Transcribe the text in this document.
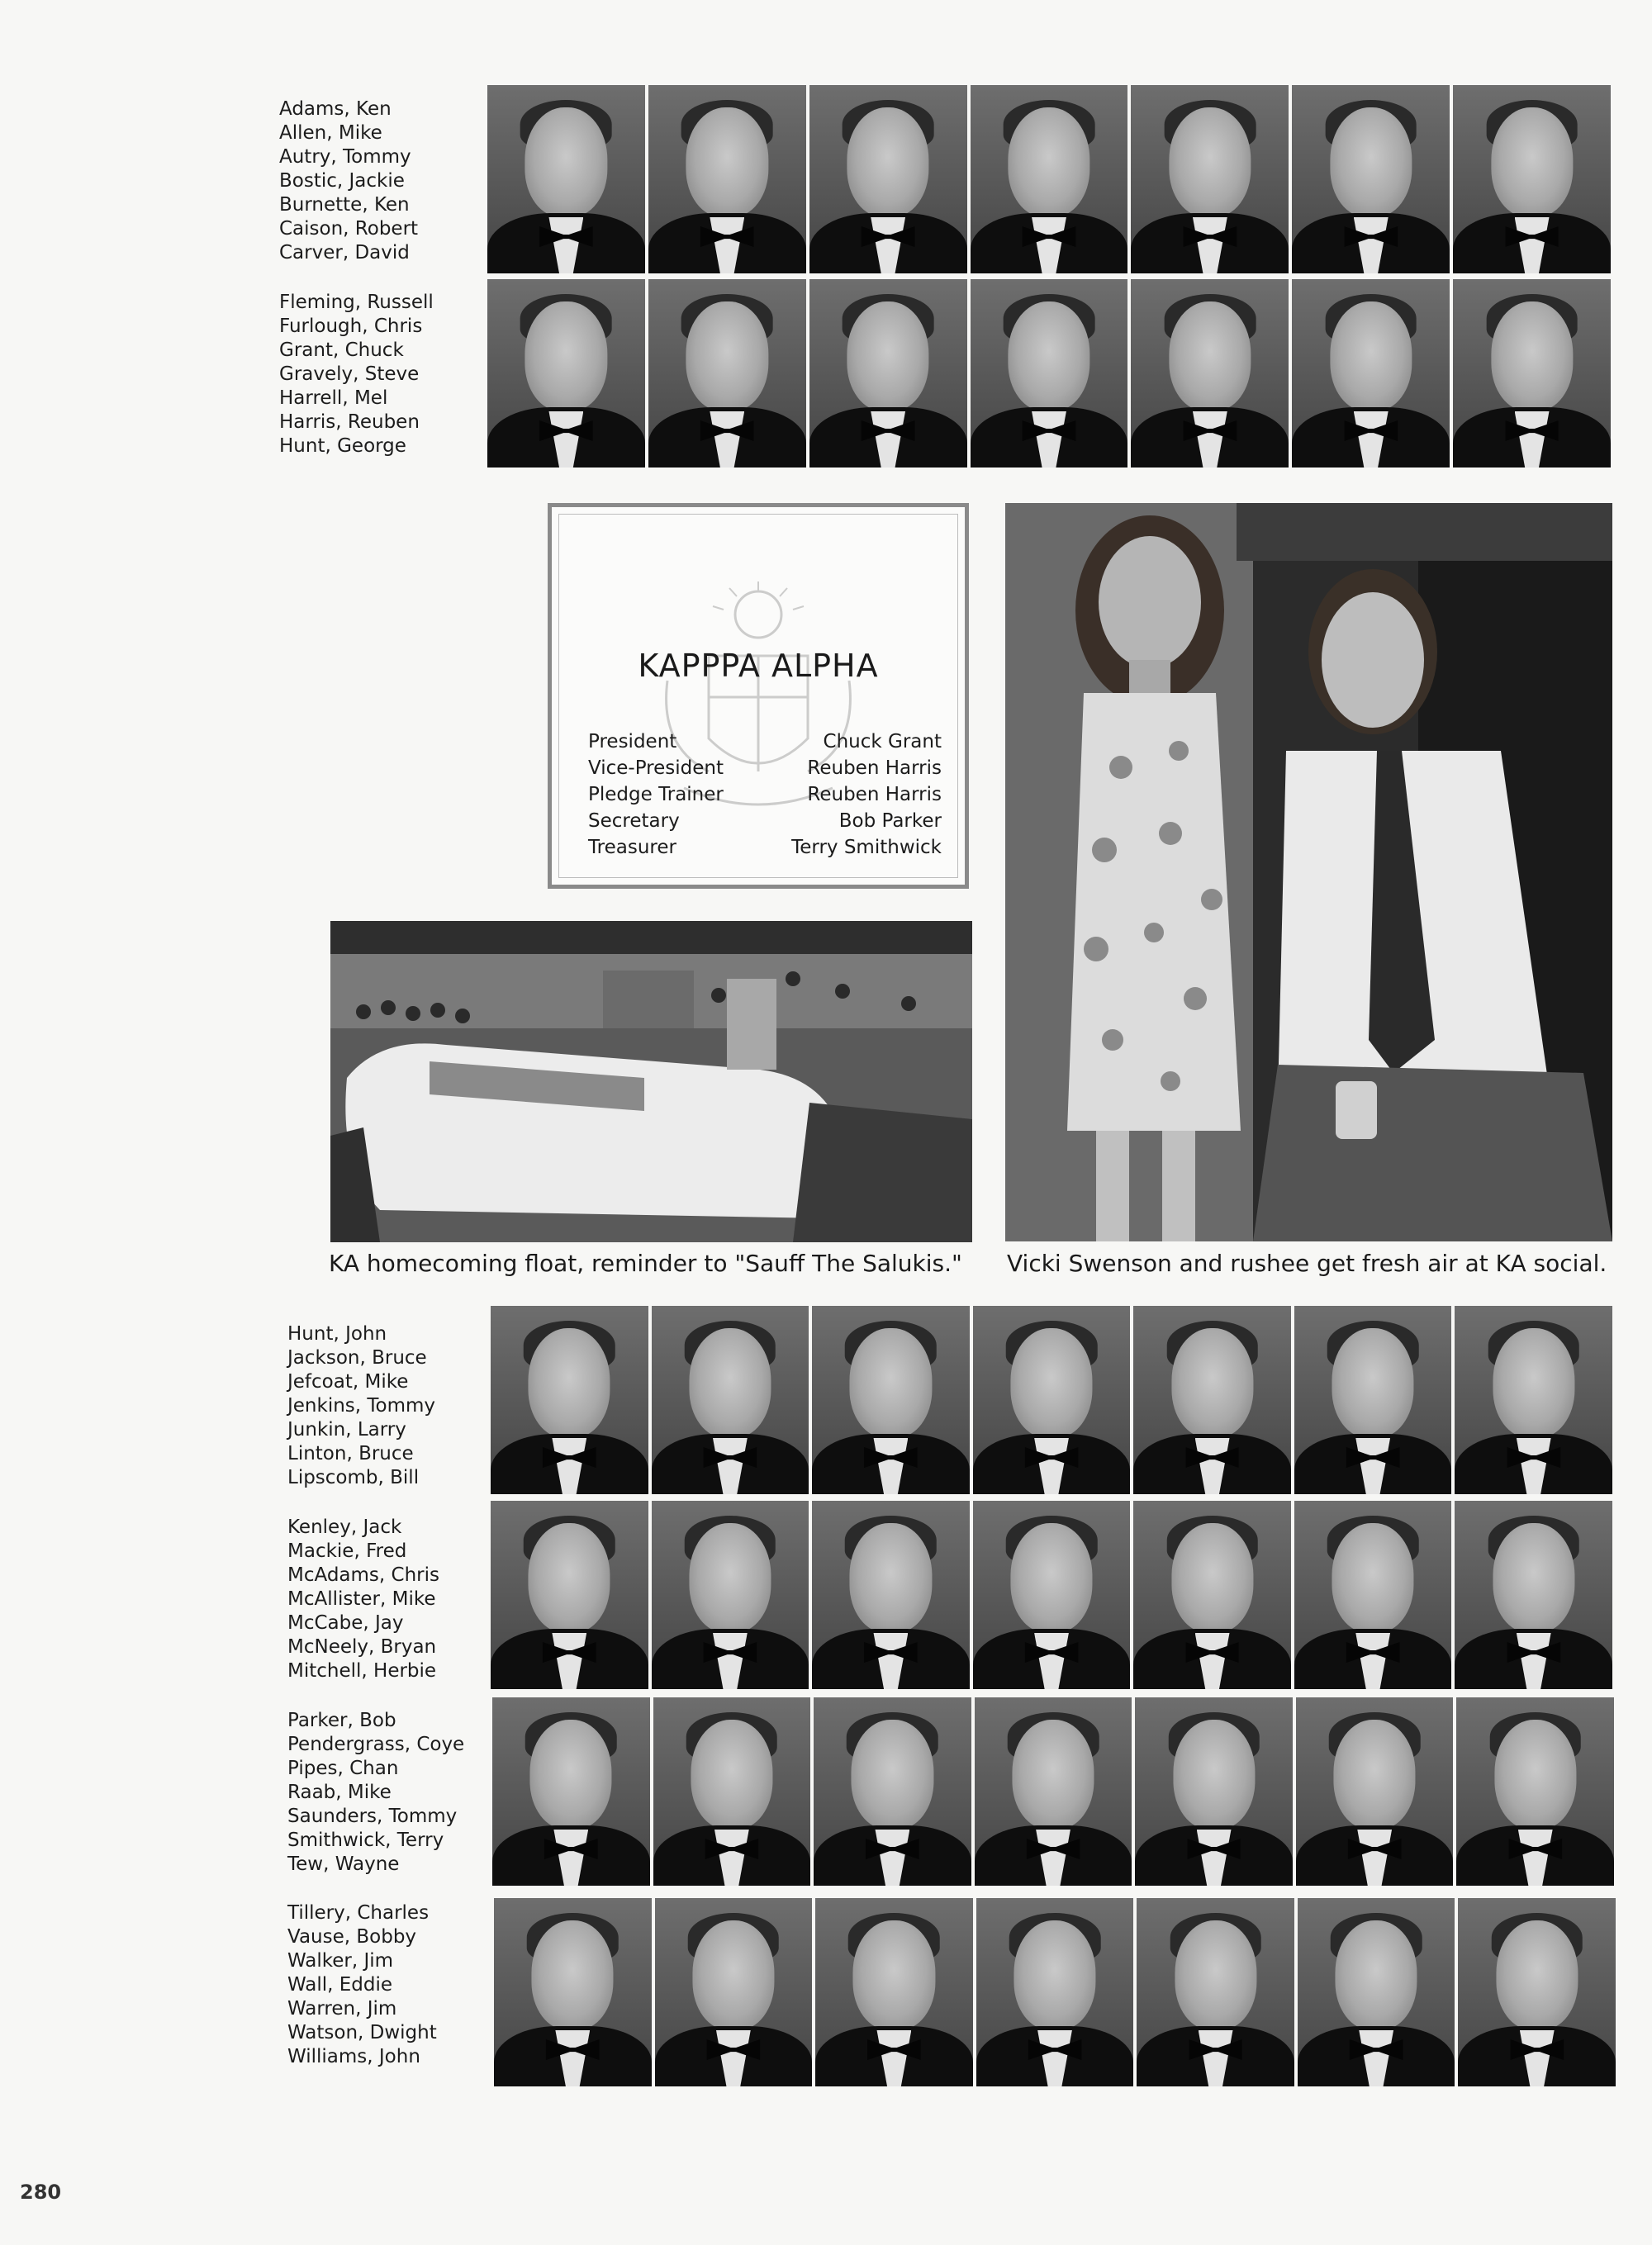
Adams, Ken
Allen, Mike
Autry, Tommy
Bostic, Jackie
Burnette, Ken
Caison, Robert
Carver, David
Fleming, Russell
Furlough, Chris
Grant, Chuck
Gravely, Steve
Harrell, Mel
Harris, Reuben
Hunt, George
Hunt, John
Jackson, Bruce
Jefcoat, Mike
Jenkins, Tommy
Junkin, Larry
Linton, Bruce
Lipscomb, Bill
Kenley, Jack
Mackie, Fred
McAdams, Chris
McAllister, Mike
McCabe, Jay
McNeely, Bryan
Mitchell, Herbie
Parker, Bob
Pendergrass, Coye
Pipes, Chan
Raab, Mike
Saunders, Tommy
Smithwick, Terry
Tew, Wayne
Tillery, Charles
Vause, Bobby
Walker, Jim
Wall, Eddie
Warren, Jim
Watson, Dwight
Williams, John
KAPPPA ALPHA
President	Chuck Grant
Vice-President	Reuben Harris
Pledge Trainer	Reuben Harris
Secretary	Bob Parker
Treasurer	Terry Smithwick
KA homecoming float, reminder to "Sauff The Salukis." Vicki Swenson and rushee get fresh air at KA social.
280
